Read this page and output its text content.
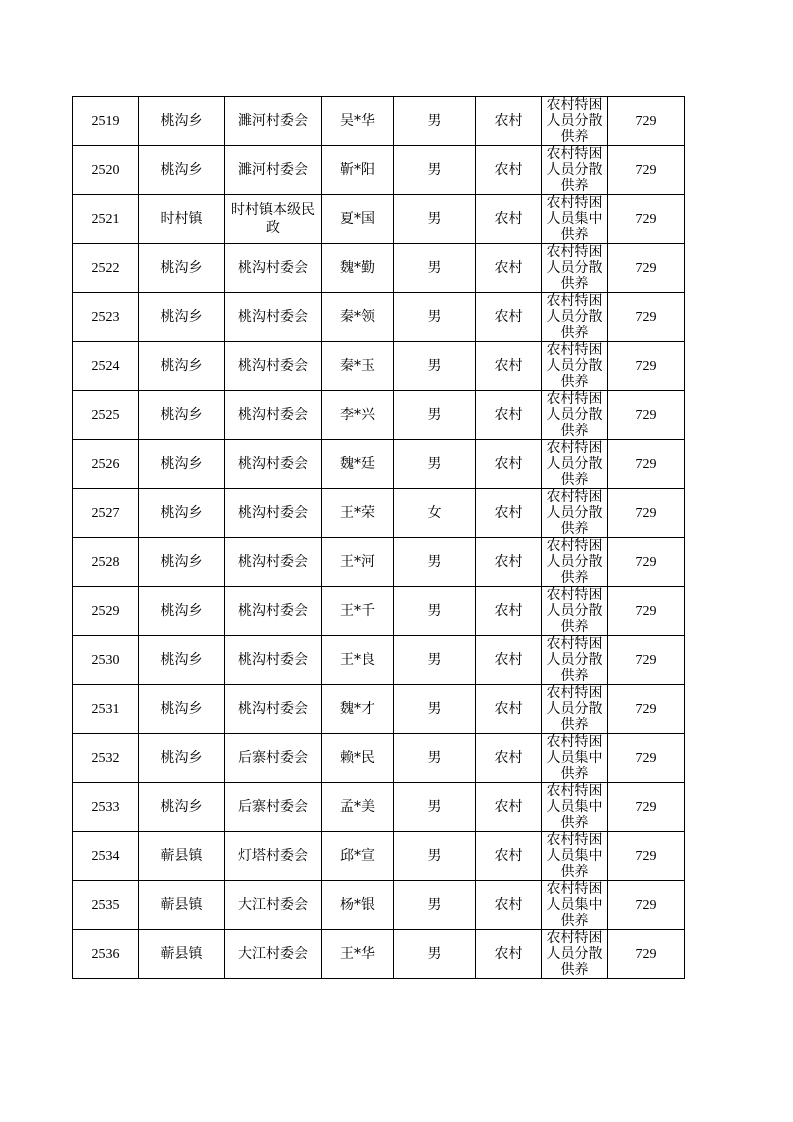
2519	桃沟乡	濉河村委会	吴*华	男	农村	农村特困人员分散供养	729
2520	桃沟乡	濉河村委会	靳*阳	男	农村	农村特困人员分散供养	729
2521	时村镇	时村镇本级民政	夏*国	男	农村	农村特困人员集中供养	729
2522	桃沟乡	桃沟村委会	魏*勤	男	农村	农村特困人员分散供养	729
2523	桃沟乡	桃沟村委会	秦*领	男	农村	农村特困人员分散供养	729
2524	桃沟乡	桃沟村委会	秦*玉	男	农村	农村特困人员分散供养	729
2525	桃沟乡	桃沟村委会	李*兴	男	农村	农村特困人员分散供养	729
2526	桃沟乡	桃沟村委会	魏*廷	男	农村	农村特困人员分散供养	729
2527	桃沟乡	桃沟村委会	王*荣	女	农村	农村特困人员分散供养	729
2528	桃沟乡	桃沟村委会	王*河	男	农村	农村特困人员分散供养	729
2529	桃沟乡	桃沟村委会	王*千	男	农村	农村特困人员分散供养	729
2530	桃沟乡	桃沟村委会	王*良	男	农村	农村特困人员分散供养	729
2531	桃沟乡	桃沟村委会	魏*才	男	农村	农村特困人员分散供养	729
2532	桃沟乡	后寨村委会	赖*民	男	农村	农村特困人员集中供养	729
2533	桃沟乡	后寨村委会	孟*美	男	农村	农村特困人员集中供养	729
2534	蕲县镇	灯塔村委会	邱*宣	男	农村	农村特困人员集中供养	729
2535	蕲县镇	大江村委会	杨*银	男	农村	农村特困人员集中供养	729
2536	蕲县镇	大江村委会	王*华	男	农村	农村特困人员分散供养	729
